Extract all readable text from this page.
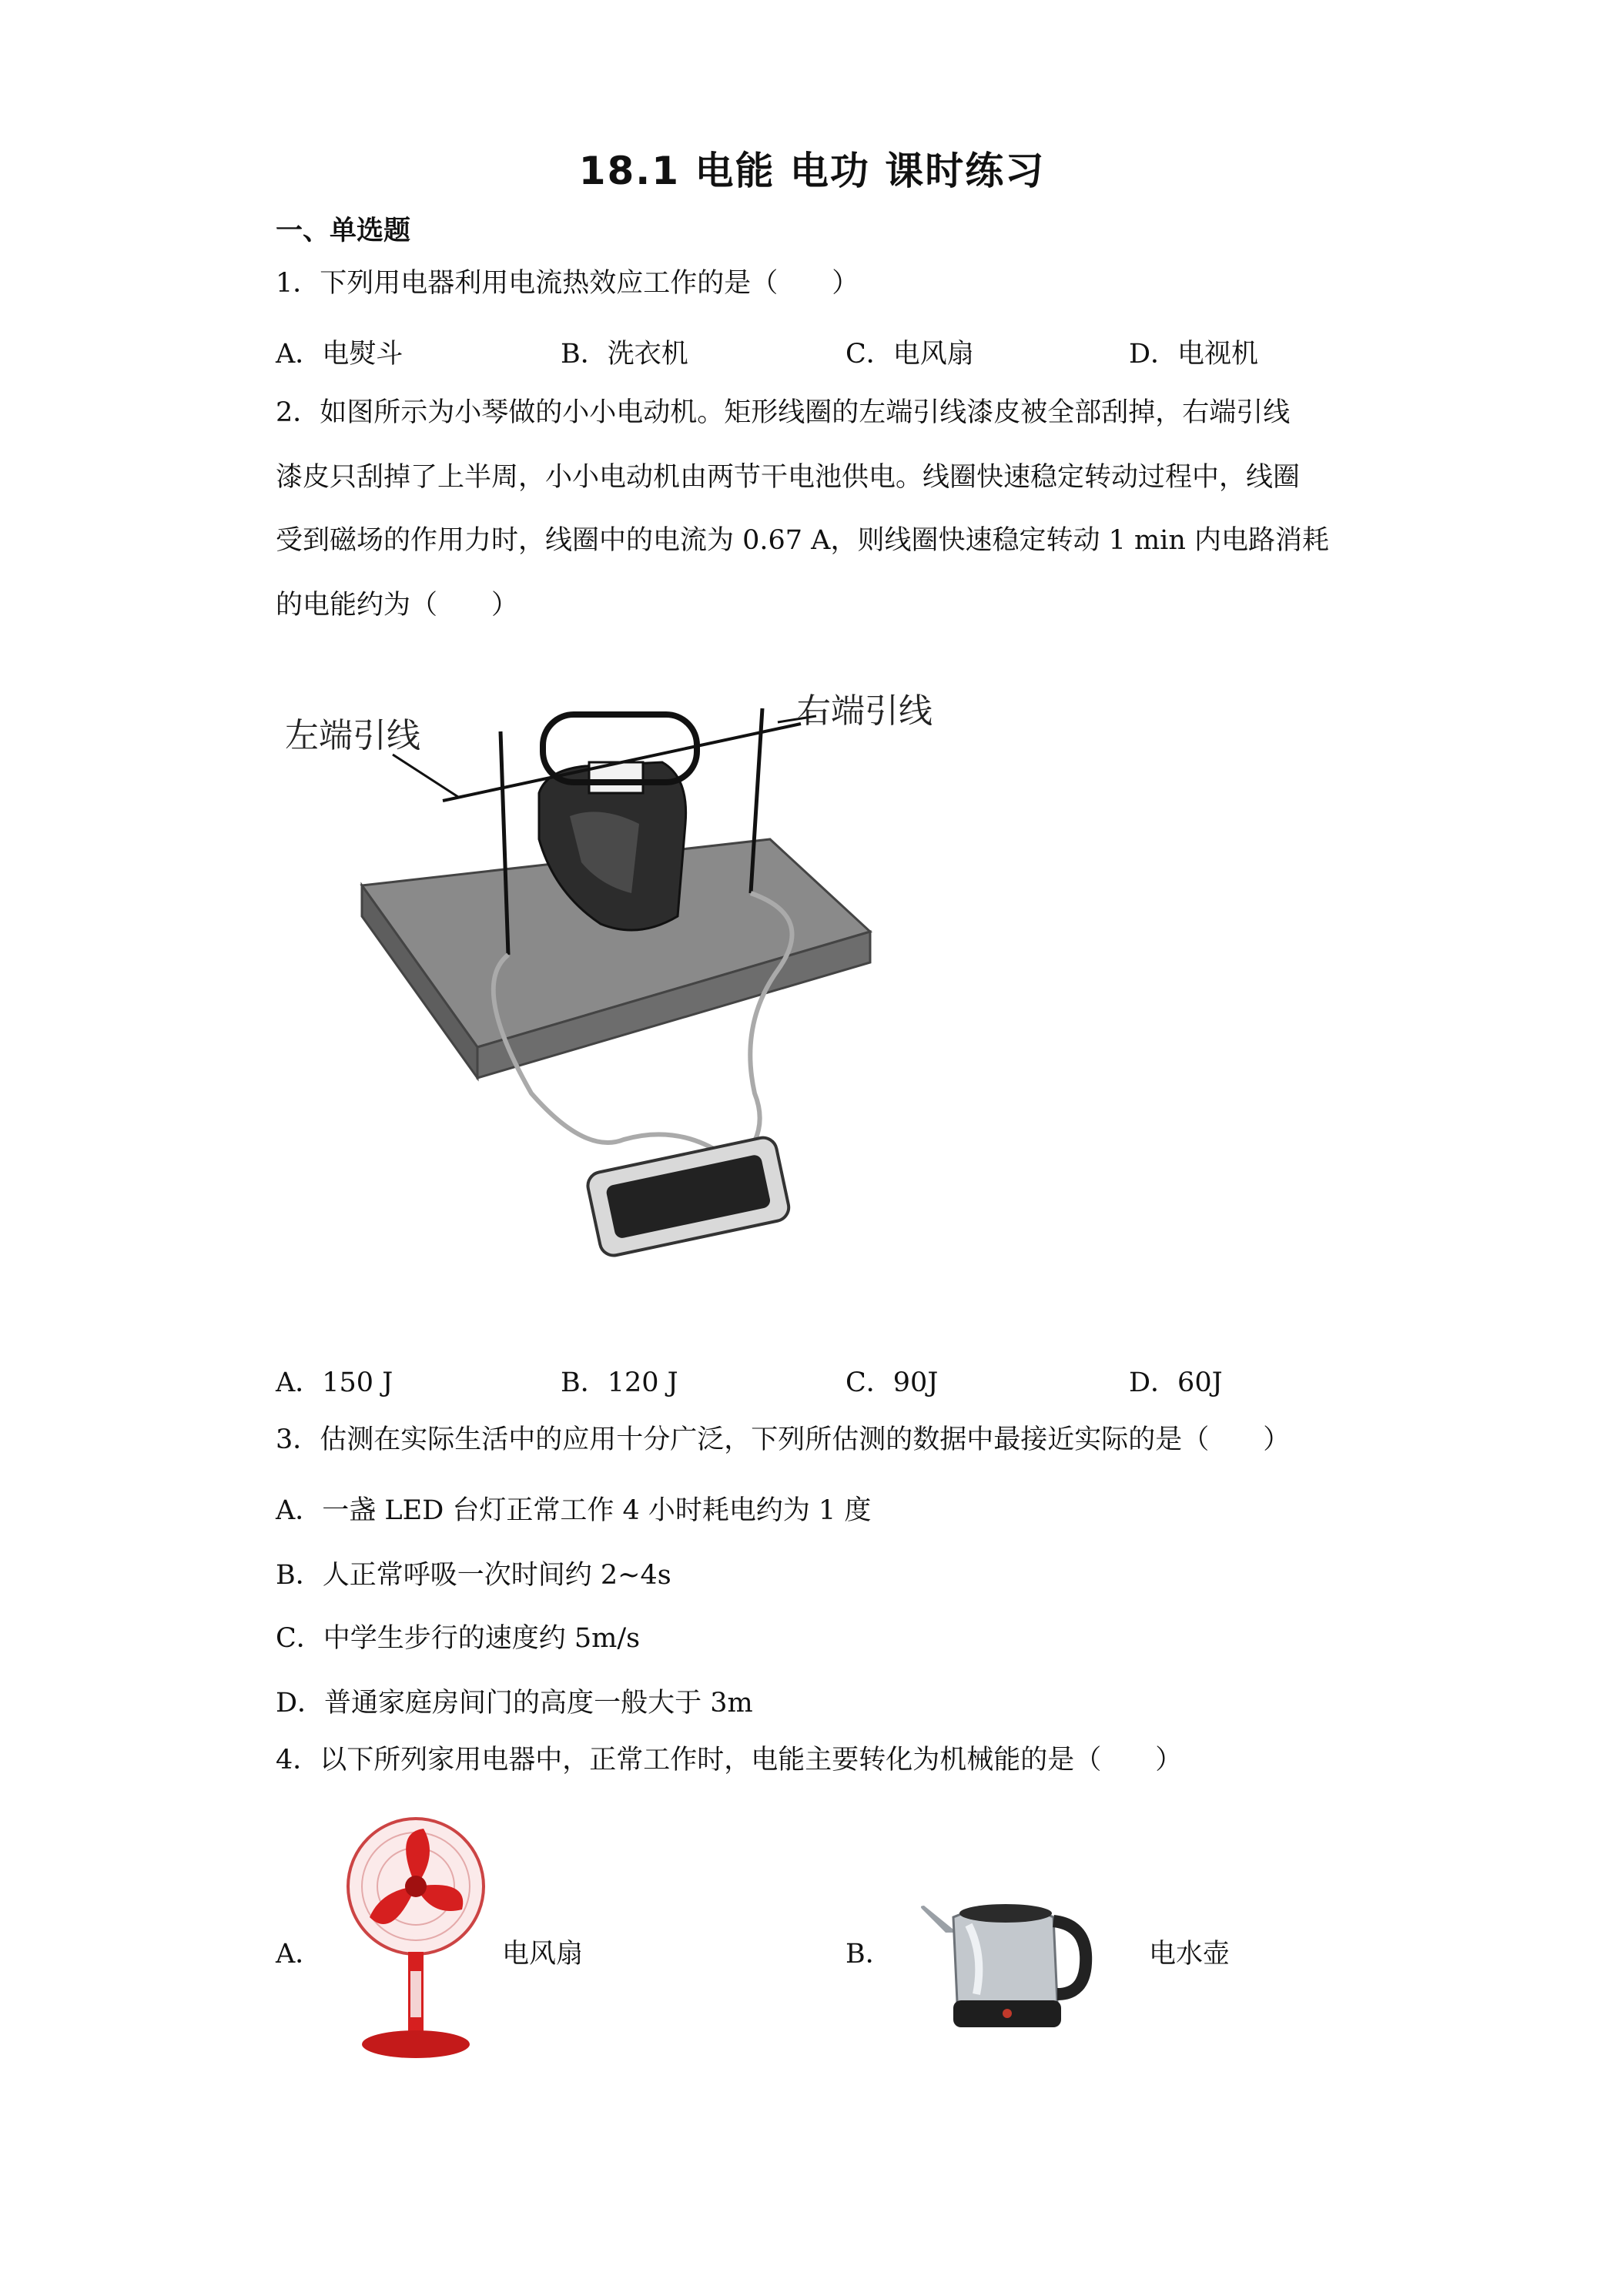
18.1 电能 电功 课时练习
一、单选题
1．下列用电器利用电流热效应工作的是（　　）
A．电熨斗	B．洗衣机	C．电风扇	D．电视机
2．如图所示为小琴做的小小电动机。矩形线圈的左端引线漆皮被全部刮掉，右端引线
漆皮只刮掉了上半周，小小电动机由两节干电池供电。线圈快速稳定转动过程中，线圈
受到磁场的作用力时，线圈中的电流为 0.67 A，则线圈快速稳定转动 1 min 内电路消耗
的电能约为（　　）
左端引线
右端引线
A．150 J	B．120 J	C．90J	D．60J
3．估测在实际生活中的应用十分广泛，下列所估测的数据中最接近实际的是（　　）
A．一盏 LED 台灯正常工作 4 小时耗电约为 1 度
B．人正常呼吸一次时间约 2~4s
C．中学生步行的速度约 5m/s
D．普通家庭房间门的高度一般大于 3m
4．以下所列家用电器中，正常工作时，电能主要转化为机械能的是（　　）
A．	电风扇	B．	电水壶
